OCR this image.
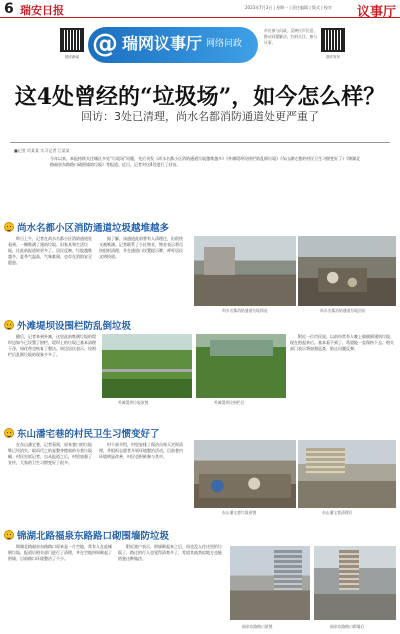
6 瑞安日报	2023年7月3日 | 星期一 | 责任编辑 | 版式 | 校对 议事厅
瑞安新闻 @ 瑞网议事厅 网络问政
市民参与问政，反映民声民意，推动问题解决。扫码关注，参与议事。
瑞安发布
这4处曾经的“垃圾场”，如今怎么样？
回访：3处已清理，尚水名都消防通道处更严重了
■记者 项某某 实习记者 江某某
今年以来，本报持续关注城区多处“垃圾场”问题，先后刊发《尚水名都小区消防通道垃圾越堆越多》《外滩堤坝设围栏防乱倒垃圾》《东山潘宅巷的村民卫生习惯变好了》《锦湖北路福泉东路路口硝围墙防垃圾》等报道。近日，记者对这4处进行了回访。
尚水名都小区消防通道垃圾越堆越多
昨日上午，记者在尚水名都小区消防通道处看到，一侧堆满了建筑垃圾、旧家具和生活垃圾，比此前报道时更多了。居民反映，垃圾越堆越多，夏季气温高，气味难闻，也存在消防安全隐患。
据了解，该通道此前曾有人清理过，但很快又被堆满。记者联系了小区物业，物业表示将尽快组织清理，并在通道口设置提示牌，呼吁居民文明投放。
尚水名都消防通道垃圾情况	尚水名都消防通道垃圾回访
外滩堤坝设围栏防乱倒垃圾
随后，记者来到外滩，这里此前堆满垃圾的堤坝边如今已设置了围栏，堤坝上的垃圾已基本清理干净，绿化带也恢复了整洁。周边居民表示，设围栏后乱倒垃圾的现象少多了。
外滩堤坝垃圾原貌	外滩堤坝设围栏后
附近一位市民说，以前经常有人晚上偷偷倒建筑垃圾，现在围起来后，基本看不到了，希望能一直保持下去。相关部门表示将加强巡查，防止问题反弹。
东山潘宅巷的村民卫生习惯变好了
在东山潘宅巷，记者看到，原来巷口的垃圾堆已经消失，取而代之的是整齐摆放的分类垃圾桶。村民告诉记者，自从报道之后，村里加强了宣传，大家的卫生习惯变好了很多。
村干部介绍，村里安排了保洁员每天定时清理，并组织志愿者开展环境整治活动，目前巷内环境明显改善，村民也积极参与其中。
东山潘宅巷垃圾原貌	东山潘宅巷清理后
锦湖北路福泉东路路口砌围墙防垃圾
锦湖北路福泉东路路口原来是一片空地，常有人在此倾倒垃圾，报道后相关部门进行了清理，并在空地四周砌起了围墙，目前路口环境整洁了不少。
附近商户表示，围墙砌起来之后，再也没人往这里扔垃圾了，路过的行人也觉得清爽多了，希望其他类似地方也能借鉴这种做法。
福泉东路路口原貌	福泉东路路口砌墙后
